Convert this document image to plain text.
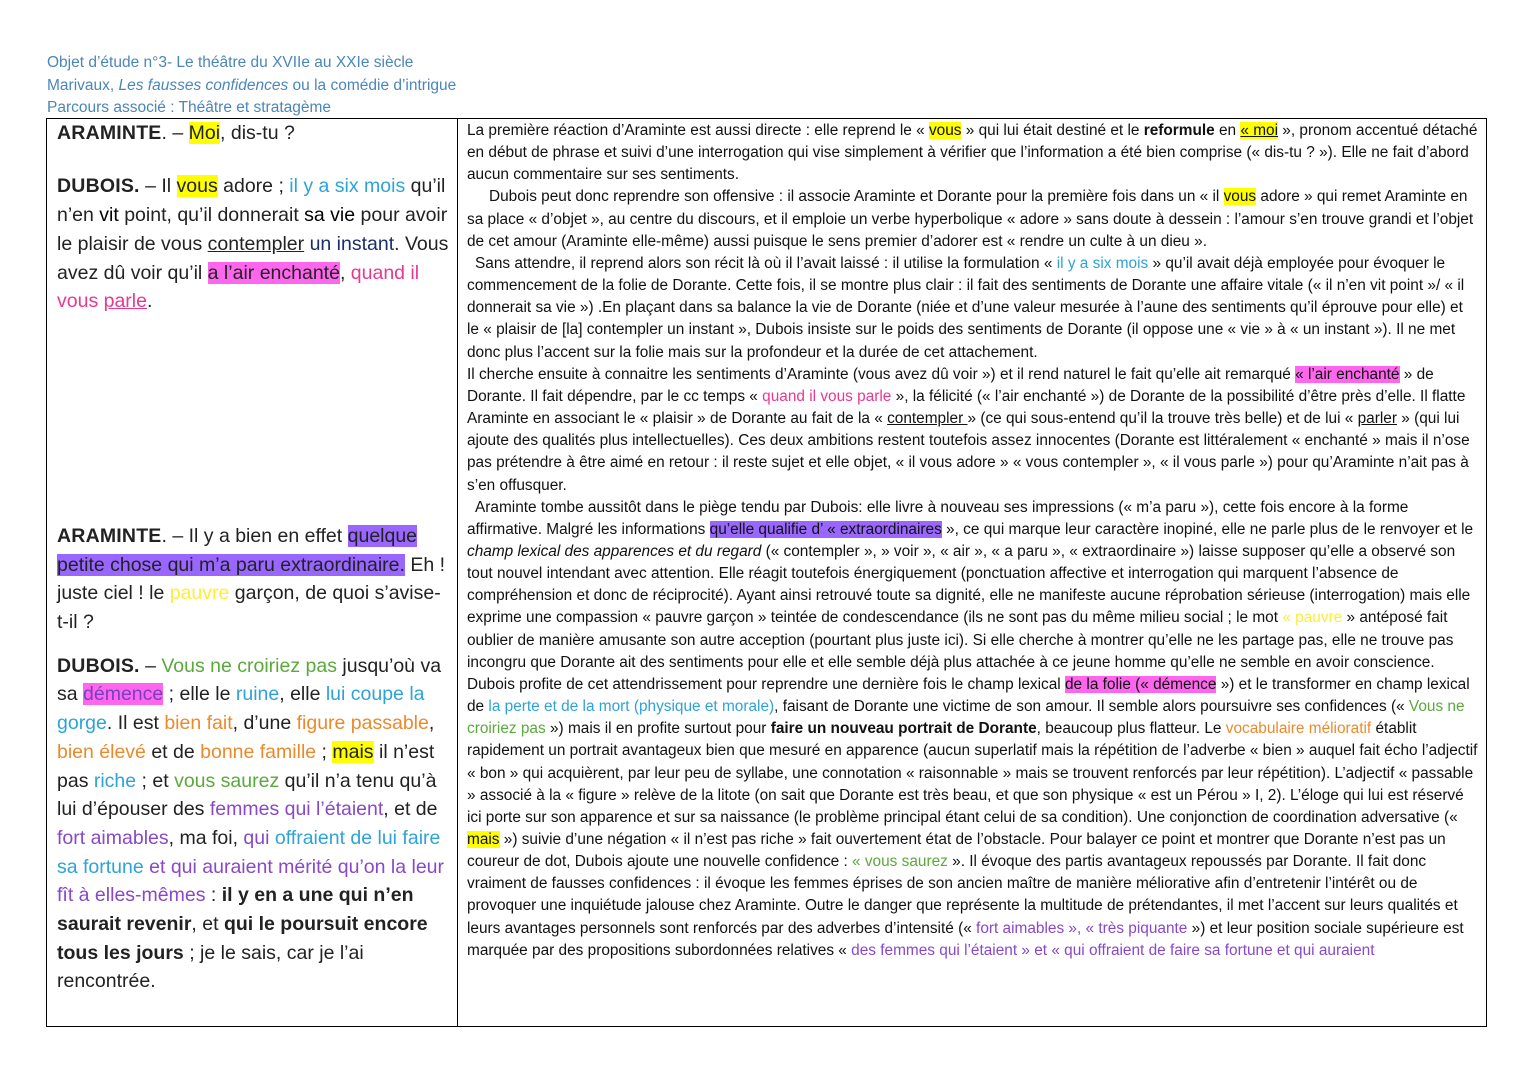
Objet d’étude n°3- Le théâtre du XVIIe au XXIe siècle
Marivaux, Les fausses confidences ou la comédie d’intrigue
Parcours associé : Théâtre et stratagème

ARAMINTE. – Moi, dis-tu ?

DUBOIS. – Il vous adore ; il y a six mois qu’il n’en vit point, qu’il donnerait sa vie pour avoir le plaisir de vous contempler un instant. Vous avez dû voir qu’il a l’air enchanté, quand il vous parle.

ARAMINTE. – Il y a bien en effet quelque petite chose qui m’a paru extraordinaire. Eh ! juste ciel ! le pauvre garçon, de quoi s’avise-t-il ?

DUBOIS. – Vous ne croiriez pas jusqu’où va sa démence ; elle le ruine, elle lui coupe la gorge. Il est bien fait, d’une figure passable, bien élevé et de bonne famille ; mais il n’est pas riche ; et vous saurez qu’il n’a tenu qu’à lui d’épouser des femmes qui l’étaient, et de fort aimables, ma foi, qui offraient de lui faire sa fortune et qui auraient mérité qu’on la leur fît à elles-mêmes : il y en a une qui n’en saurait revenir, et qui le poursuit encore tous les jours ; je le sais, car je l’ai rencontrée.

La première réaction d’Araminte est aussi directe : elle reprend le « vous » qui lui était destiné et le reformule en « moi », pronom accentué détaché en début de phrase et suivi d’une interrogation qui vise simplement à vérifier que l’information a été bien comprise (« dis-tu ? »). Elle ne fait d’abord aucun commentaire sur ses sentiments.

Dubois peut donc reprendre son offensive : il associe Araminte et Dorante pour la première fois dans un « il vous adore » qui remet Araminte en sa place « d’objet », au centre du discours, et il emploie un verbe hyperbolique « adore » sans doute à dessein : l’amour s’en trouve grandi et l’objet de cet amour (Araminte elle-même) aussi puisque le sens premier d’adorer est « rendre un culte à un dieu ».

Sans attendre, il reprend alors son récit là où il l’avait laissé : il utilise la formulation « il y a six mois » qu’il avait déjà employée pour évoquer le commencement de la folie de Dorante. Cette fois, il se montre plus clair : il fait des sentiments de Dorante une affaire vitale (« il n’en vit point »/ « il donnerait sa vie ») .En plaçant dans sa balance la vie de Dorante (niée et d’une valeur mesurée à l’aune des sentiments qu’il éprouve pour elle) et le « plaisir de [la] contempler un instant », Dubois insiste sur le poids des sentiments de Dorante (il oppose une « vie » à « un instant »). Il ne met donc plus l’accent sur la folie mais sur la profondeur et la durée de cet attachement.

Il cherche ensuite à connaitre les sentiments d’Araminte (vous avez dû voir ») et il rend naturel le fait qu’elle ait remarqué « l’air enchanté » de Dorante. Il fait dépendre, par le cc temps « quand il vous parle », la félicité (« l’air enchanté ») de Dorante de la possibilité d’être près d’elle. Il flatte Araminte en associant le « plaisir » de Dorante au fait de la « contempler » (ce qui sous-entend qu’il la trouve très belle) et de lui « parler » (qui lui ajoute des qualités plus intellectuelles). Ces deux ambitions restent toutefois assez innocentes (Dorante est littéralement « enchanté » mais il n’ose pas prétendre à être aimé en retour : il reste sujet et elle objet, « il vous adore » « vous contempler », « il vous parle ») pour qu’Araminte n’ait pas à s’en offusquer.

Araminte tombe aussitôt dans le piège tendu par Dubois: elle livre à nouveau ses impressions (« m’a paru »), cette fois encore à la forme affirmative. Malgré les informations qu’elle qualifie d’ « extraordinaires », ce qui marque leur caractère inopiné, elle ne parle plus de le renvoyer et le champ lexical des apparences et du regard (« contempler », » voir », « air », « a paru », « extraordinaire ») laisse supposer qu’elle a observé son tout nouvel intendant avec attention. Elle réagit toutefois énergiquement (ponctuation affective et interrogation qui marquent l’absence de compréhension et donc de réciprocité). Ayant ainsi retrouvé toute sa dignité, elle ne manifeste aucune réprobation sérieuse (interrogation) mais elle exprime une compassion « pauvre garçon » teintée de condescendance (ils ne sont pas du même milieu social ; le mot « pauvre » antéposé fait oublier de manière amusante son autre acception (pourtant plus juste ici). Si elle cherche à montrer qu’elle ne les partage pas, elle ne trouve pas incongru que Dorante ait des sentiments pour elle et elle semble déjà plus attachée à ce jeune homme qu’elle ne semble en avoir conscience.

Dubois profite de cet attendrissement pour reprendre une dernière fois le champ lexical de la folie (« démence ») et le transformer en champ lexical de la perte et de la mort (physique et morale), faisant de Dorante une victime de son amour. Il semble alors poursuivre ses confidences (« Vous ne croiriez pas ») mais il en profite surtout pour faire un nouveau portrait de Dorante, beaucoup plus flatteur. Le vocabulaire mélioratif établit rapidement un portrait avantageux bien que mesuré en apparence (aucun superlatif mais la répétition de l’adverbe « bien » auquel fait écho l’adjectif « bon » qui acquièrent, par leur peu de syllabe, une connotation « raisonnable » mais se trouvent renforcés par leur répétition). L’adjectif « passable » associé à la « figure » relève de la litote (on sait que Dorante est très beau, et que son physique « est un Pérou » I, 2). L’éloge qui lui est réservé ici porte sur son apparence et sur sa naissance (le problème principal étant celui de sa condition). Une conjonction de coordination adversative (« mais ») suivie d’une négation « il n’est pas riche » fait ouvertement état de l’obstacle. Pour balayer ce point et montrer que Dorante n’est pas un coureur de dot, Dubois ajoute une nouvelle confidence : « vous saurez ». Il évoque des partis avantageux repoussés par Dorante. Il fait donc vraiment de fausses confidences : il évoque les femmes éprises de son ancien maître de manière méliorative afin d’entretenir l’intérêt ou de provoquer une inquiétude jalouse chez Araminte. Outre le danger que représente la multitude de prétendantes, il met l’accent sur leurs qualités et leurs avantages personnels sont renforcés par des adverbes d’intensité (« fort aimables », « très piquante ») et leur position sociale supérieure est marquée par des propositions subordonnées relatives « des femmes qui l’étaient » et « qui offraient de faire sa fortune et qui auraient
